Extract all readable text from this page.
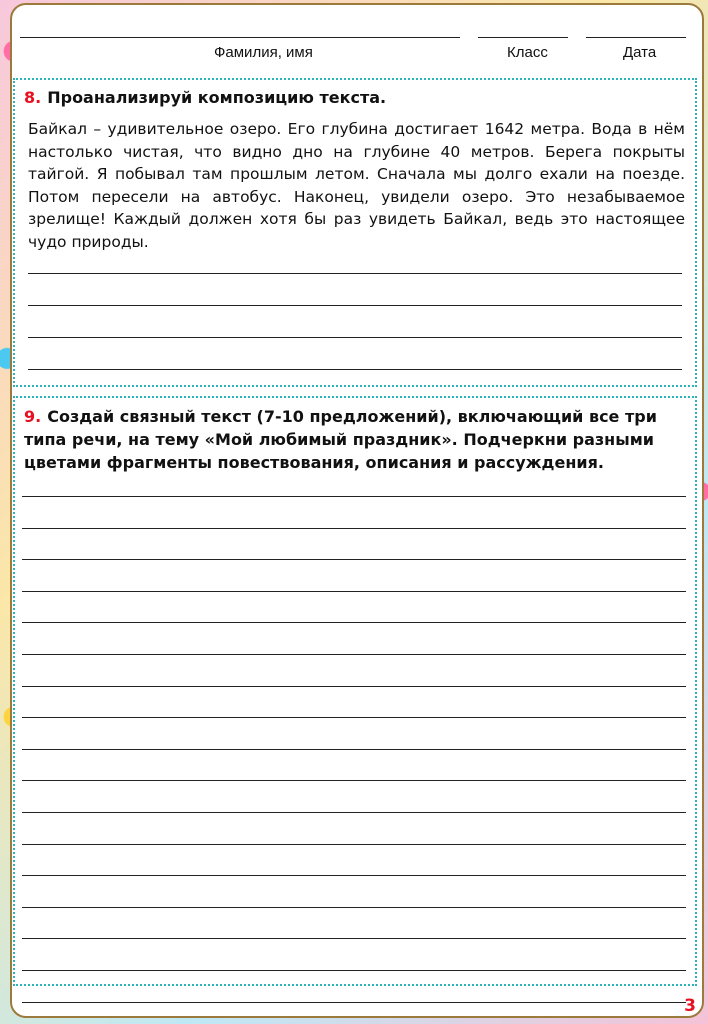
Фамилия, имя	Класс	Дата
8. Проанализируй композицию текста.
Байкал – удивительное озеро. Его глубина достигает 1642 метра. Вода в нём настолько чистая, что видно дно на глубине 40 метров. Берега покрыты тайгой. Я побывал там прошлым летом. Сначала мы долго ехали на поезде. Потом пересели на автобус. Наконец, увидели озеро. Это незабываемое зрелище! Каждый должен хотя бы раз увидеть Байкал, ведь это настоящее чудо природы.
9. Создай связный текст (7-10 предложений), включающий все три типа речи, на тему «Мой любимый праздник». Подчеркни разными цветами фрагменты повествования, описания и рассуждения.
3
